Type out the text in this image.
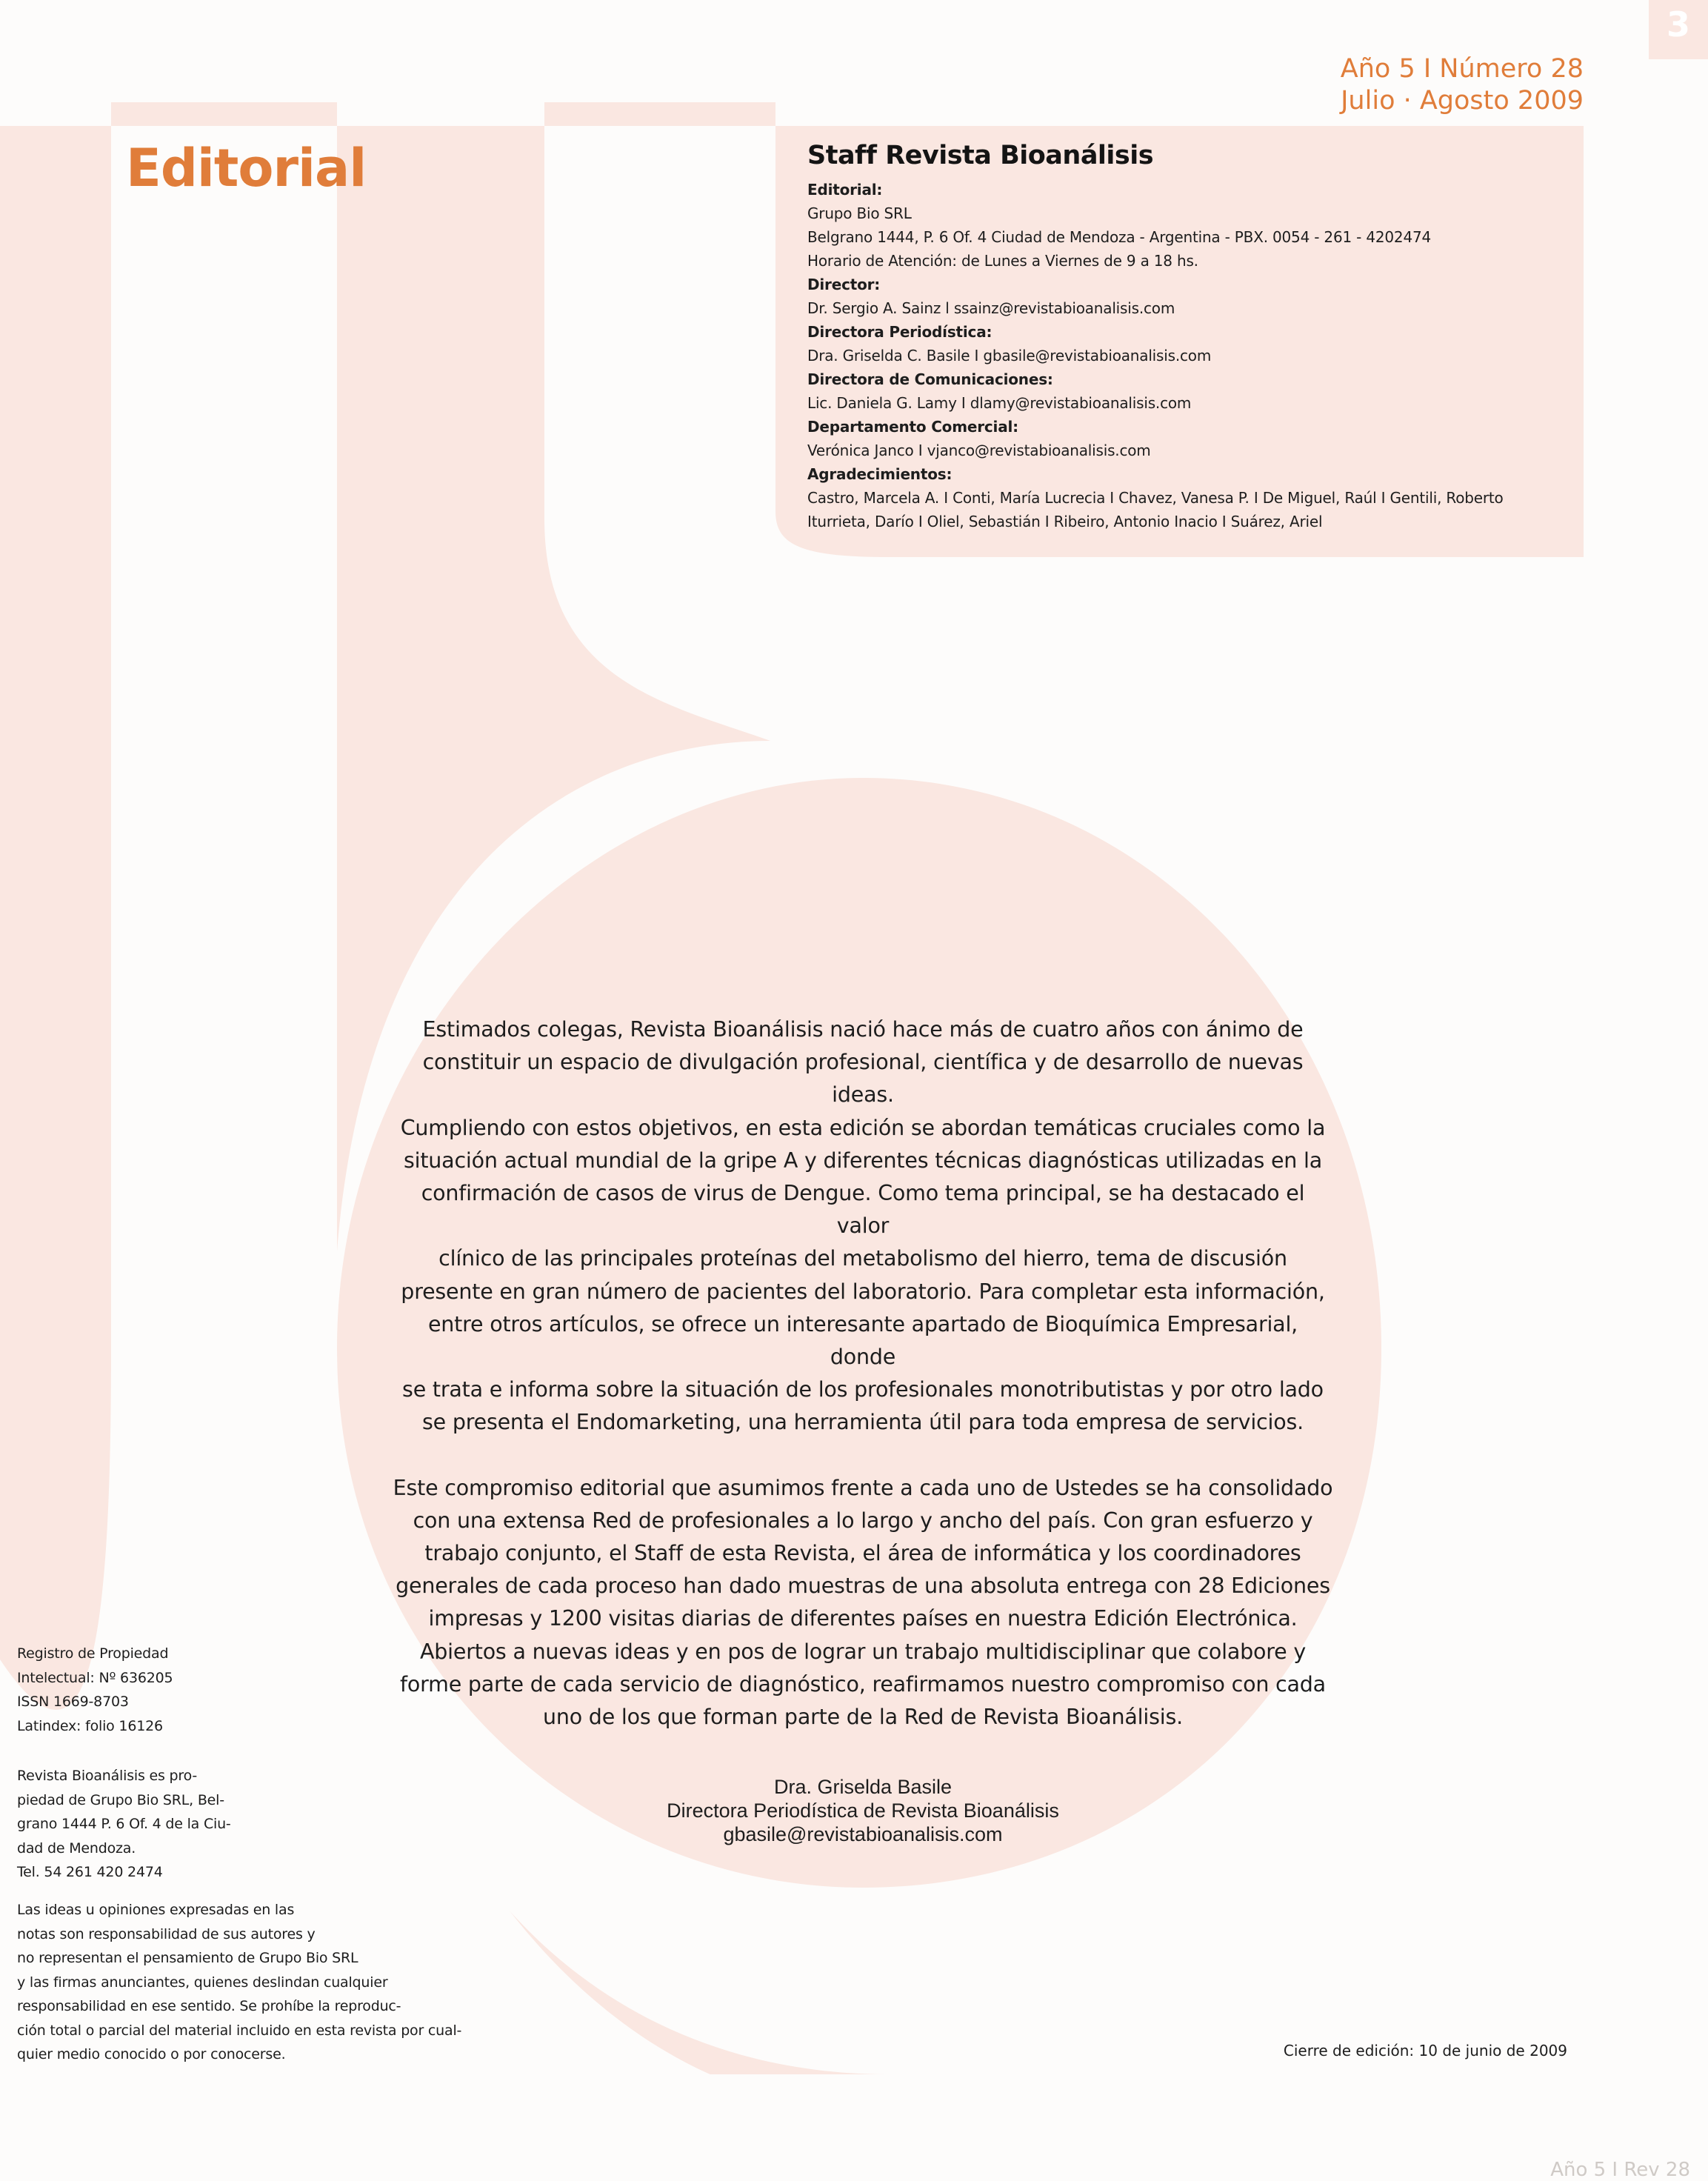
3
Año 5 I Número 28
Julio · Agosto 2009
Editorial	Staff Revista Bioanálisis
Editorial:
Grupo Bio SRL
Belgrano 1444, P. 6 Of. 4 Ciudad de Mendoza - Argentina - PBX. 0054 - 261 - 4202474
Horario de Atención: de Lunes a Viernes de 9 a 18 hs.
Director:
Dr. Sergio A. Sainz l ssainz@revistabioanalisis.com
Directora Periodística:
Dra. Griselda C. Basile I gbasile@revistabioanalisis.com
Directora de Comunicaciones:
Lic. Daniela G. Lamy I dlamy@revistabioanalisis.com
Departamento Comercial:
Verónica Janco I vjanco@revistabioanalisis.com
Agradecimientos:
Castro, Marcela A. I Conti, María Lucrecia I Chavez, Vanesa P. I De Miguel, Raúl I Gentili, Roberto
Iturrieta, Darío I Oliel, Sebastián I Ribeiro, Antonio Inacio I Suárez, Ariel

Estimados colegas, Revista Bioanálisis nació hace más de cuatro años con ánimo de
constituir un espacio de divulgación profesional, científica y de desarrollo de nuevas ideas.
Cumpliendo con estos objetivos, en esta edición se abordan temáticas cruciales como la
situación actual mundial de la gripe A y diferentes técnicas diagnósticas utilizadas en la
confirmación de casos de virus de Dengue. Como tema principal, se ha destacado el valor
clínico de las principales proteínas del metabolismo del hierro, tema de discusión
presente en gran número de pacientes del laboratorio. Para completar esta información,
entre otros artículos, se ofrece un interesante apartado de Bioquímica Empresarial, donde
se trata e informa sobre la situación de los profesionales monotributistas y por otro lado
se presenta el Endomarketing, una herramienta útil para toda empresa de servicios.

Este compromiso editorial que asumimos frente a cada uno de Ustedes se ha consolidado
con una extensa Red de profesionales a lo largo y ancho del país. Con gran esfuerzo y
trabajo conjunto, el Staff de esta Revista, el área de informática y los coordinadores
generales de cada proceso han dado muestras de una absoluta entrega con 28 Ediciones
impresas y 1200 visitas diarias de diferentes países en nuestra Edición Electrónica.
Abiertos a nuevas ideas y en pos de lograr un trabajo multidisciplinar que colabore y
forme parte de cada servicio de diagnóstico, reafirmamos nuestro compromiso con cada
uno de los que forman parte de la Red de Revista Bioanálisis.

Dra. Griselda Basile
Directora Periodística de Revista Bioanálisis
gbasile@revistabioanalisis.com
Registro de Propiedad
Intelectual: Nº 636205
ISSN 1669-8703
Latindex: folio 16126
Revista Bioanálisis es pro-
piedad de Grupo Bio SRL, Bel-
grano 1444 P. 6 Of. 4 de la Ciu-
dad de Mendoza.
Tel. 54 261 420 2474
Las ideas u opiniones expresadas en las
notas son responsabilidad de sus autores y
no representan el pensamiento de Grupo Bio SRL
y las firmas anunciantes, quienes deslindan cualquier
responsabilidad en ese sentido. Se prohíbe la reproduc-
ción total o parcial del material incluido en esta revista por cual-
quier medio conocido o por conocerse.	Cierre de edición: 10 de junio de 2009
Año 5 I Rev 28
